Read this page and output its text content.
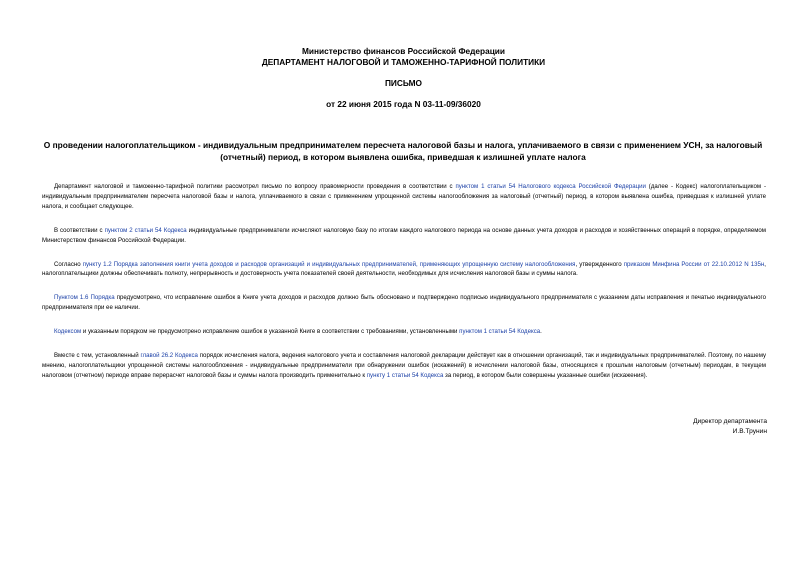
Министерство финансов Российской Федерации
ДЕПАРТАМЕНТ НАЛОГОВОЙ И ТАМОЖЕННО-ТАРИФНОЙ ПОЛИТИКИ
ПИСЬМО
от 22 июня 2015 года N 03-11-09/36020
О проведении налогоплательщиком - индивидуальным предпринимателем пересчета налоговой базы и налога, уплачиваемого в связи с применением УСН, за налоговый (отчетный) период, в котором выявлена ошибка, приведшая к излишней уплате налога

Департамент налоговой и таможенно-тарифной политики рассмотрел письмо по вопросу правомерности проведения в соответствии с пунктом 1 статьи 54 Налогового кодекса Российской Федерации (далее - Кодекс) налогоплательщиком - индивидуальным предпринимателем пересчета налоговой базы и налога, уплачиваемого в связи с применением упрощенной системы налогообложения за налоговый (отчетный) период, в котором выявлена ошибка, приведшая к излишней уплате налога, и сообщает следующее.

В соответствии с пунктом 2 статьи 54 Кодекса индивидуальные предприниматели исчисляют налоговую базу по итогам каждого налогового периода на основе данных учета доходов и расходов и хозяйственных операций в порядке, определяемом Министерством финансов Российской Федерации.

Согласно пункту 1.2 Порядка заполнения книги учета доходов и расходов организаций и индивидуальных предпринимателей, применяющих упрощенную систему налогообложения, утвержденного приказом Минфина России от 22.10.2012 N 135н, налогоплательщики должны обеспечивать полноту, непрерывность и достоверность учета показателей своей деятельности, необходимых для исчисления налоговой базы и суммы налога.

Пунктом 1.6 Порядка предусмотрено, что исправление ошибок в Книге учета доходов и расходов должно быть обосновано и подтверждено подписью индивидуального предпринимателя с указанием даты исправления и печатью индивидуального предпринимателя при ее наличии.

Кодексом и указанным порядком не предусмотрено исправление ошибок в указанной Книге в соответствии с требованиями, установленными пунктом 1 статьи 54 Кодекса.

Вместе с тем, установленный главой 26.2 Кодекса порядок исчисления налога, ведения налогового учета и составления налоговой декларации действует как в отношении организаций, так и индивидуальных предпринимателей. Поэтому, по нашему мнению, налогоплательщики упрощенной системы налогообложения - индивидуальные предприниматели при обнаружении ошибок (искажений) в исчислении налоговой базы, относящихся к прошлым налоговым (отчетным) периодам, в текущем налоговом (отчетном) периоде вправе перерасчет налоговой базы и суммы налога производить применительно к пункту 1 статьи 54 Кодекса за период, в котором были совершены указанные ошибки (искажения).

Директор департамента
И.В.Трунин
